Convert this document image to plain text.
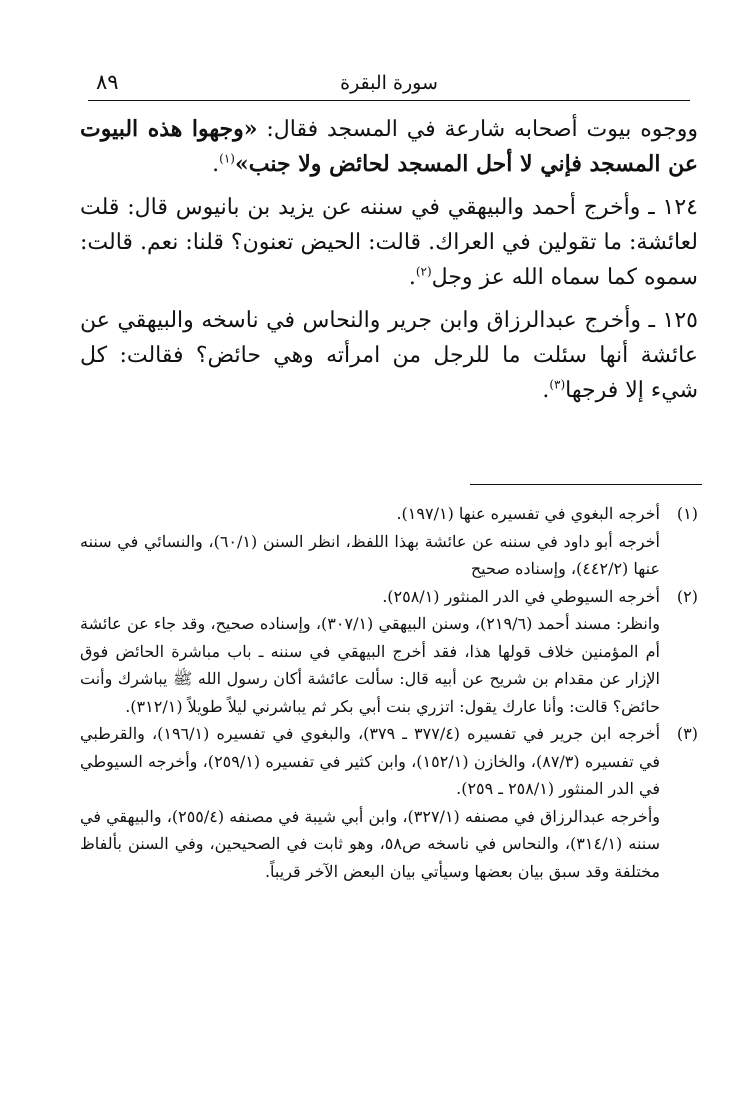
سورة البقرة
٨٩

ووجوه بيوت أصحابه شارعة في المسجد فقال: «وجهوا هذه البيوت عن المسجد فإني لا أحل المسجد لحائض ولا جنب»$^{(١)}$.

١٢٤ ـ وأخرج أحمد والبيهقي في سننه عن يزيد بن بانيوس قال: قلت لعائشة: ما تقولين في العراك. قالت: الحيض تعنون؟ قلنا: نعم. قالت: سموه كما سماه الله عز وجل$^{(٢)}$.

١٢٥ ـ وأخرج عبدالرزاق وابن جرير والنحاس في ناسخه والبيهقي عن عائشة أنها سئلت ما للرجل من امرأته وهي حائض؟ فقالت: كل شيء إلا فرجها$^{(٣)}$.

(١)

أخرجه البغوي في تفسيره عنها (١٩٧/١).

أخرجه أبو داود في سننه عن عائشة بهذا اللفظ، انظر السنن (٦٠/١)، والنسائي في سننه عنها (٤٤٢/٢)، وإسناده صحيح

(٢)

أخرجه السيوطي في الدر المنثور (٢٥٨/١).

وانظر: مسند أحمد (٢١٩/٦)، وسنن البيهقي (٣٠٧/١)، وإسناده صحيح، وقد جاء عن عائشة أم المؤمنين خلاف قولها هذا، فقد أخرج البيهقي في سننه ـ باب مباشرة الحائض فوق الإزار عن مقدام بن شريح عن أبيه قال: سألت عائشة أكان رسول الله ﷺ يباشرك وأنت حائض؟ قالت: وأنا عارك يقول: اتزري بنت أبي بكر ثم يباشرني ليلاً طويلاً (٣١٢/١).

(٣)

أخرجه ابن جرير في تفسيره (٣٧٧/٤ ـ ٣٧٩)، والبغوي في تفسيره (١٩٦/١)، والقرطبي في تفسيره (٨٧/٣)، والخازن (١٥٢/١)، وابن كثير في تفسيره (٢٥٩/١)، وأخرجه السيوطي في الدر المنثور (٢٥٨/١ ـ ٢٥٩).

وأخرجه عبدالرزاق في مصنفه (٣٢٧/١)، وابن أبي شيبة في مصنفه (٢٥٥/٤)، والبيهقي في سننه (٣١٤/١)، والنحاس في ناسخه ص٥٨، وهو ثابت في الصحيحين، وفي السنن بألفاظ مختلفة وقد سبق بيان بعضها وسيأتي بيان البعض الآخر قريباً.
